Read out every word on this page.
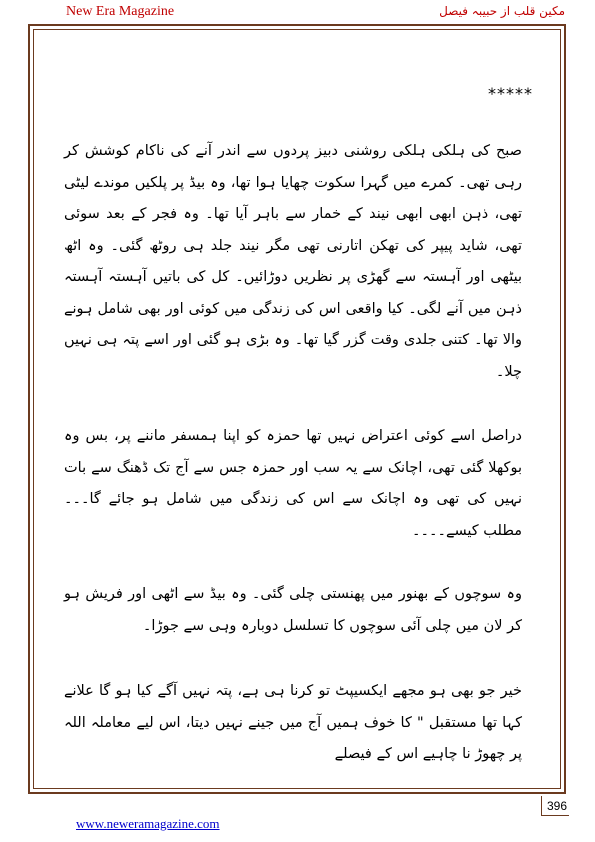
New Era Magazine	مکین قلب از حبیبہ فیصل
*****

صبح کی ہلکی ہلکی روشنی دبیز پردوں سے اندر آنے کی ناکام کوشش کر رہی تھی۔ کمرے میں گہرا سکوت چھایا ہوا تھا، وہ بیڈ پر پلکیں موندے لیٹی تھی، ذہن ابھی ابھی نیند کے خمار سے باہر آیا تھا۔ وہ فجر کے بعد سوئی تھی، شاید پیپر کی تھکن اتارنی تھی مگر نیند جلد ہی روٹھ گئی۔ وہ اٹھ بیٹھی اور آہستہ سے گھڑی پر نظریں دوڑائیں۔ کل کی باتیں آہستہ آہستہ ذہن میں آنے لگی۔ کیا واقعی اس کی زندگی میں کوئی اور بھی شامل ہونے والا تھا۔ کتنی جلدی وقت گزر گیا تھا۔ وہ بڑی ہو گئی اور اسے پتہ ہی نہیں چلا۔

دراصل اسے کوئی اعتراض نہیں تھا حمزہ کو اپنا ہمسفر ماننے پر، بس وہ بوکھلا گئی تھی، اچانک سے یہ سب اور حمزہ جس سے آج تک ڈھنگ سے بات نہیں کی تھی وہ اچانک سے اس کی زندگی میں شامل ہو جائے گا۔۔۔ مطلب کیسے۔۔۔۔

وہ سوچوں کے بھنور میں پھنستی چلی گئی۔ وہ بیڈ سے اٹھی اور فریش ہو کر لان میں چلی آئی سوچوں کا تسلسل دوبارہ وہی سے جوڑا۔

خیر جو بھی ہو مجھے ایکسیپٹ تو کرنا ہی ہے، پتہ نہیں آگے کیا ہو گا علانے کہا تھا مستقبل " کا خوف ہمیں آج میں جینے نہیں دیتا، اس لیے معاملہ اللہ پر چھوڑ نا چاہیے اس کے فیصلے

396
www.neweramagazine.com
